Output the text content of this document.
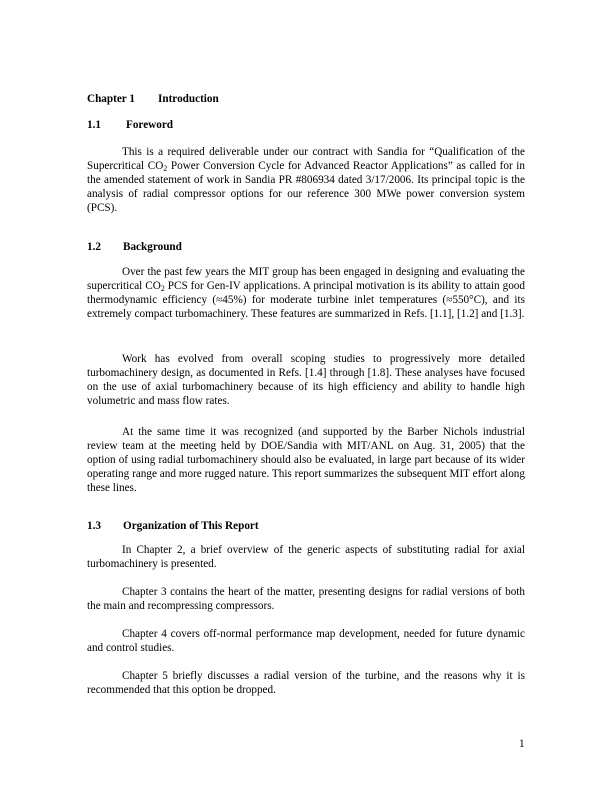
Chapter 1 Introduction
1.1 Foreword

This is a required deliverable under our contract with Sandia for “Qualification of the Supercritical $CO_2$ Power Conversion Cycle for Advanced Reactor Applications” as called for in the amended statement of work in Sandia PR #806934 dated 3/17/2006. Its principal topic is the analysis of radial compressor options for our reference 300 MWe power conversion system (PCS).

1.2 Background

Over the past few years the MIT group has been engaged in designing and evaluating the supercritical $CO_2$ PCS for Gen-IV applications. A principal motivation is its ability to attain good thermodynamic efficiency (≈45%) for moderate turbine inlet temperatures (≈550°C), and its extremely compact turbomachinery. These features are summarized in Refs. [1.1], [1.2] and [1.3].

Work has evolved from overall scoping studies to progressively more detailed turbomachinery design, as documented in Refs. [1.4] through [1.8]. These analyses have focused on the use of axial turbomachinery because of its high efficiency and ability to handle high volumetric and mass flow rates.

At the same time it was recognized (and supported by the Barber Nichols industrial review team at the meeting held by DOE/Sandia with MIT/ANL on Aug. 31, 2005) that the option of using radial turbomachinery should also be evaluated, in large part because of its wider operating range and more rugged nature. This report summarizes the subsequent MIT effort along these lines.

1.3 Organization of This Report

In Chapter 2, a brief overview of the generic aspects of substituting radial for axial turbomachinery is presented.

Chapter 3 contains the heart of the matter, presenting designs for radial versions of both the main and recompressing compressors.

Chapter 4 covers off-normal performance map development, needed for future dynamic and control studies.

Chapter 5 briefly discusses a radial version of the turbine, and the reasons why it is recommended that this option be dropped.

1
